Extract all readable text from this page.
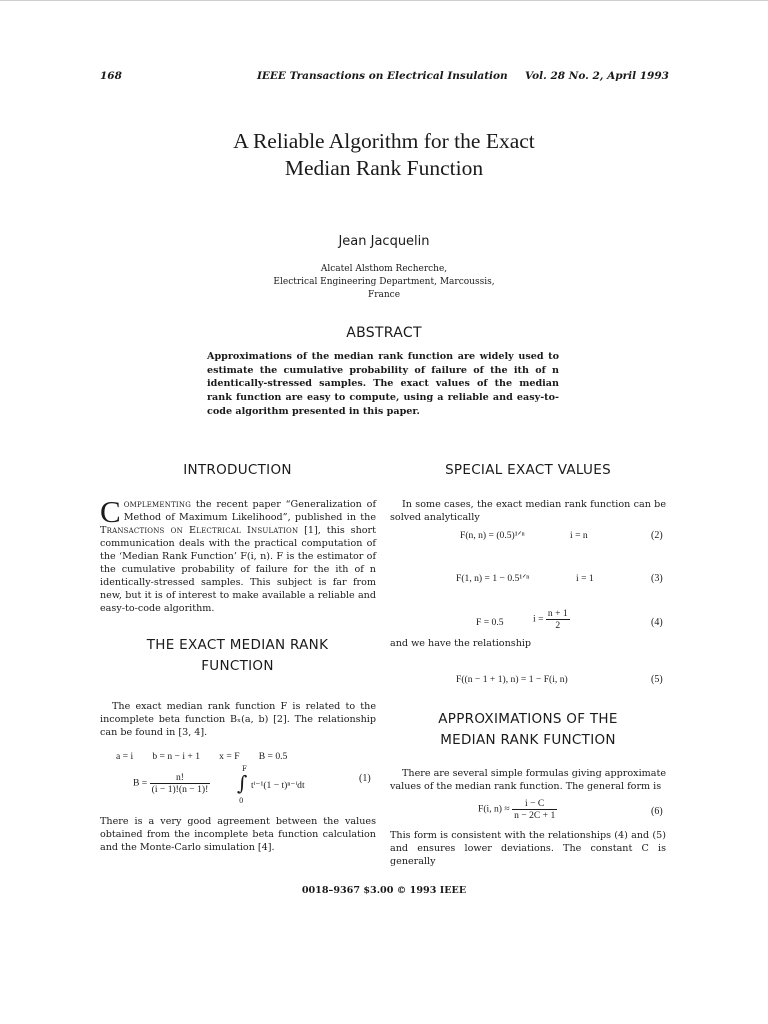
168	IEEE Transactions on Electrical Insulation Vol. 28 No. 2, April 1993
A Reliable Algorithm for the Exact
Median Rank Function
Jean Jacquelin
Alcatel Alsthom Recherche,
Electrical Engineering Department, Marcoussis,
France
ABSTRACT
Approximations of the median rank function are widely used to estimate the cumulative probability of failure of the ith of n identically-stressed samples. The exact values of the median rank function are easy to compute, using a reliable and easy-to-code algorithm presented in this paper.
INTRODUCTION
Complementing the recent paper “Generalization of Method of Maximum Likelihood”, published in the Transactions on Electrical Insulation [1], this short communication deals with the practical computation of the ‘Median Rank Function’ F(i, n). F is the estimator of the cumulative probability of failure for the ith of n identically-stressed samples. This subject is far from new, but it is of interest to make available a reliable and easy-to-code algorithm.
THE EXACT MEDIAN RANK
FUNCTION
The exact median rank function F is related to the incomplete beta function Bₓ(a, b) [2]. The relationship can be found in [3, 4].
a = i        b = n − i + 1        x = F        B = 0.5
$B = \frac{n!}{(i - 1)!(n - 1)!}$
F
∫
0
tⁱ⁻¹(1 − t)ⁿ⁻ⁱdt
(1)
There is a very good agreement between the values obtained from the incomplete beta function calculation and the Monte-Carlo simulation [4].
SPECIAL EXACT VALUES
In some cases, the exact median rank function can be solved analytically
F(n, n) = (0.5)¹ᐟⁿ	i = n	(2)
F(1, n) = 1 − 0.5¹ᐟⁿ	i = 1	(3)
F = 0.5	$i = \frac{n + 1}{2}$	(4)
and we have the relationship
F((n − 1 + 1), n) = 1 − F(i, n)	(5)
APPROXIMATIONS OF THE
MEDIAN RANK FUNCTION
There are several simple formulas giving approximate values of the median rank function. The general form is
F(i, $n) \approx \frac{i - C}{n - 2C + 1}$	(6)
This form is consistent with the relationships (4) and (5) and ensures lower deviations. The constant C is generally
0018–9367 $3.00 © 1993 IEEE
